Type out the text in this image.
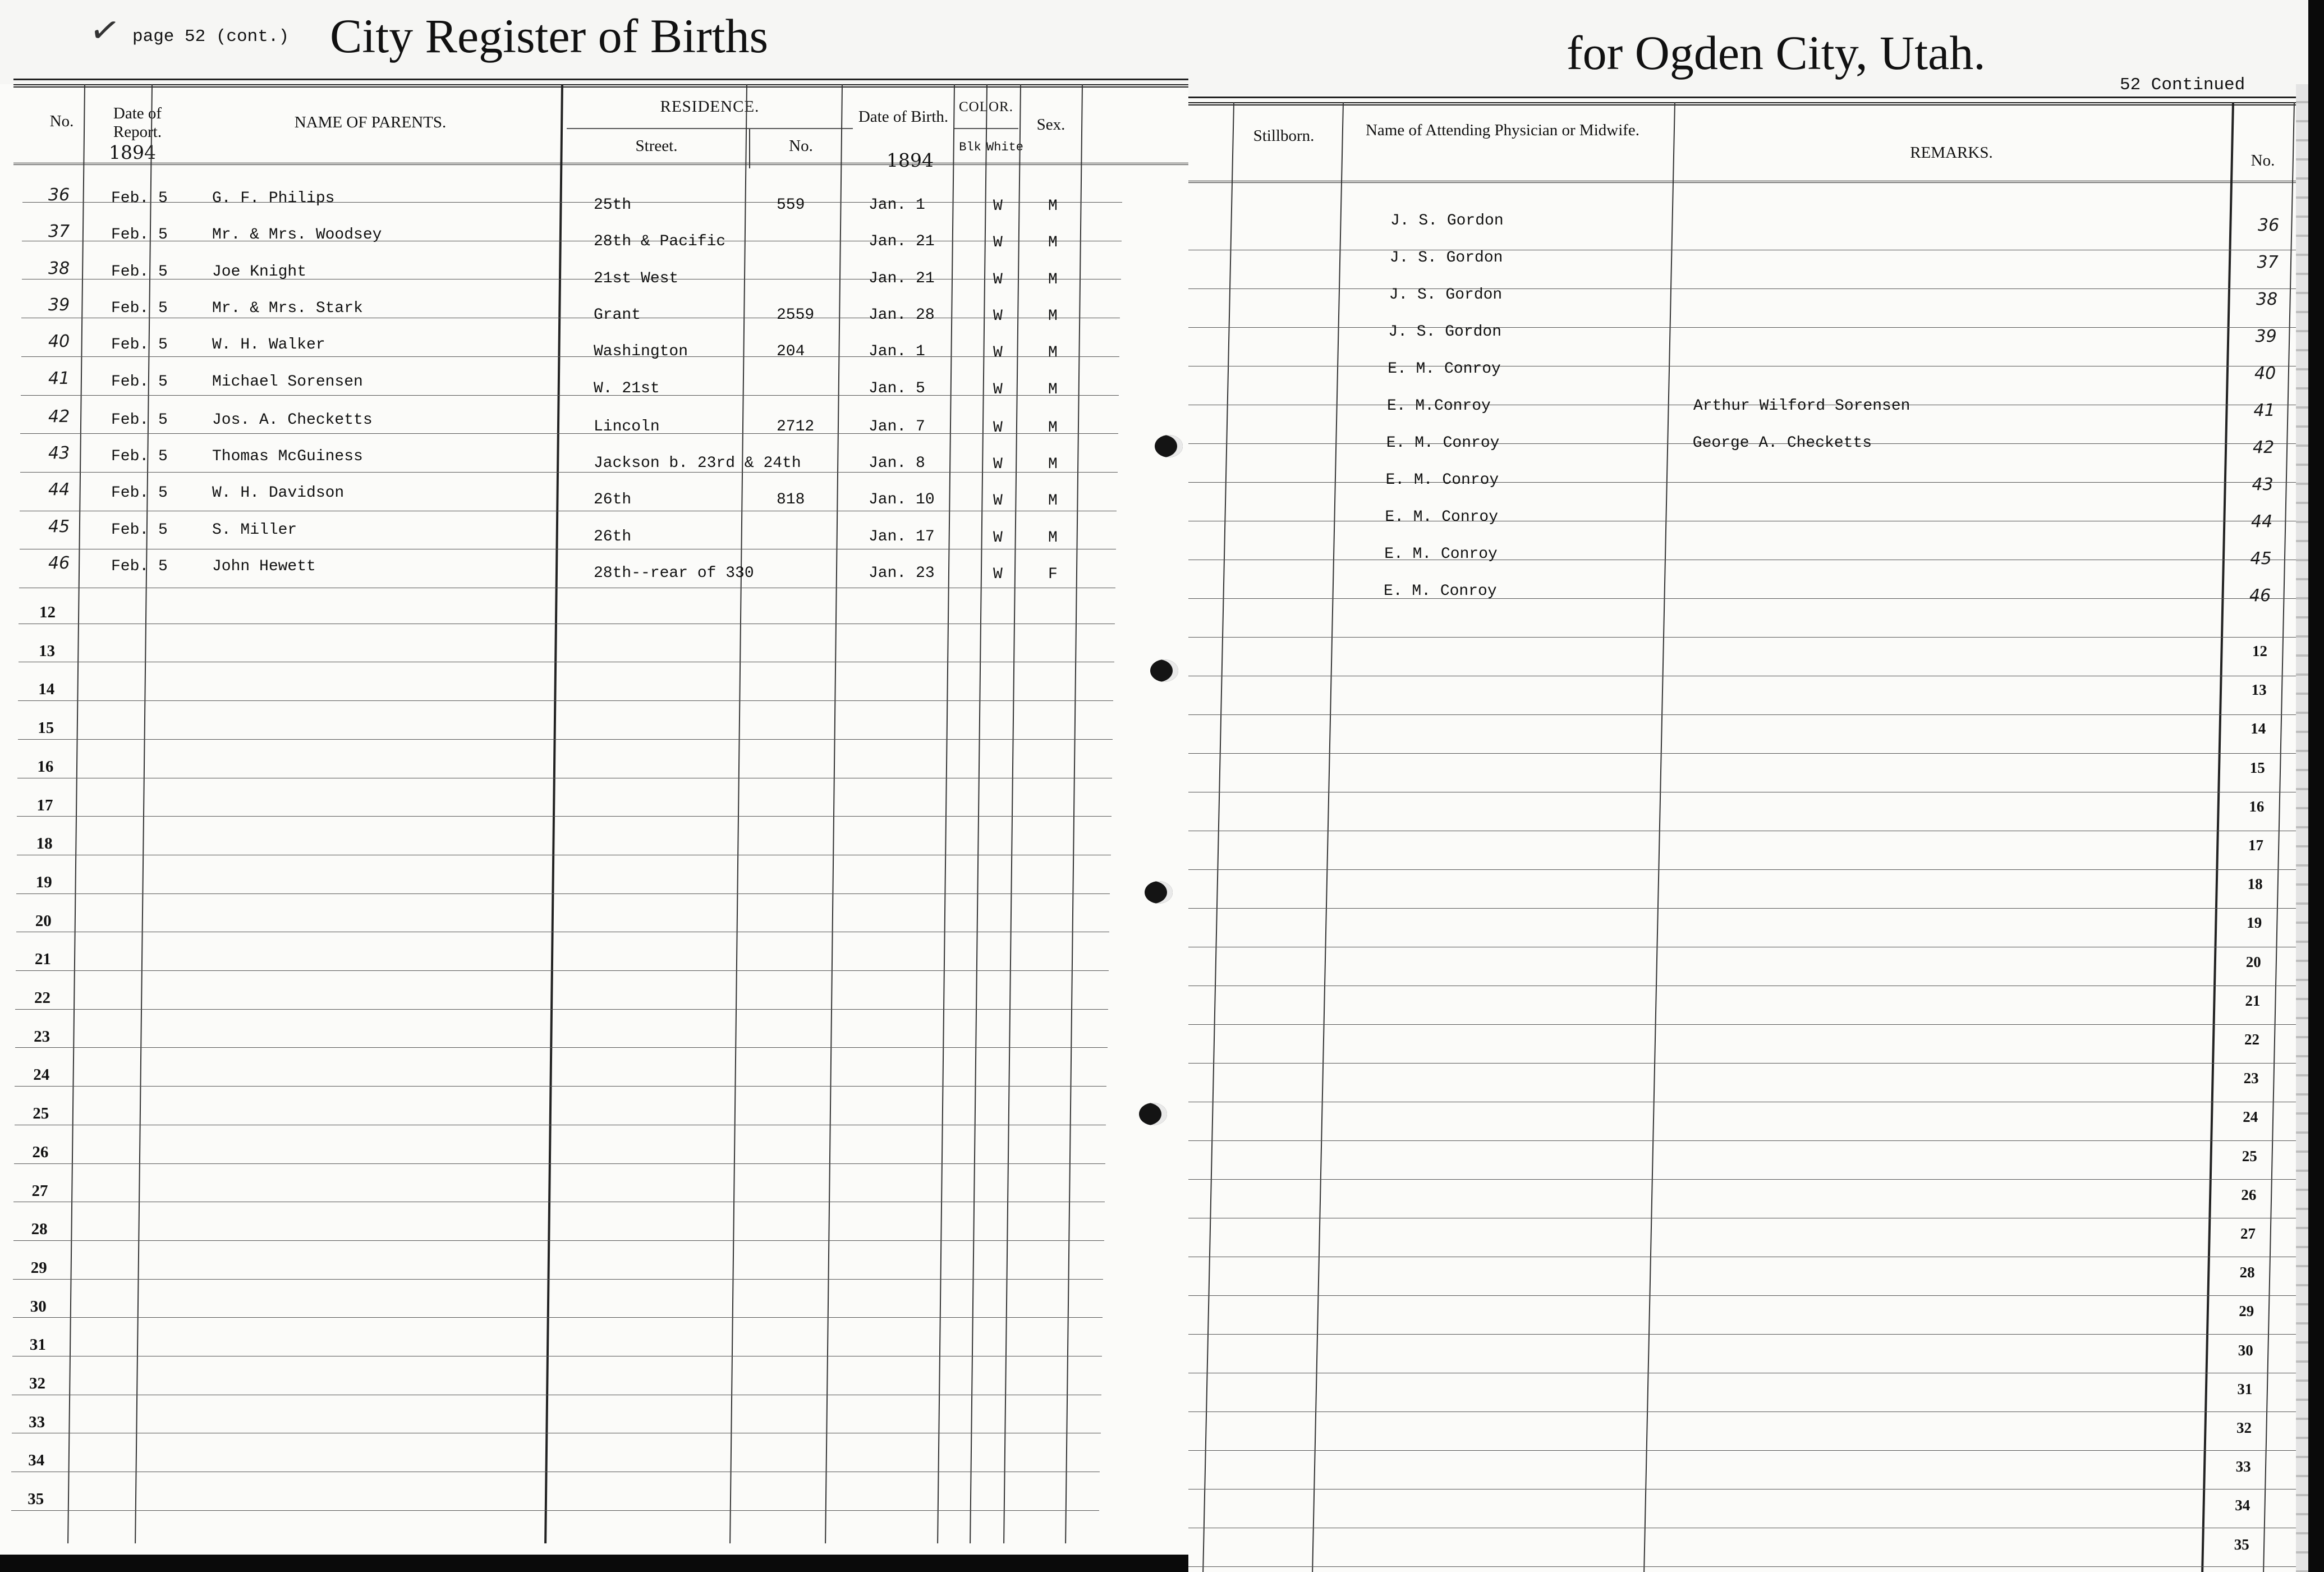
✓ page 52 (cont.) City Register of Births
No.	Date of Report.
1894
NAME OF PARENTS.
RESIDENCE.
Street.	No.
Date of Birth.
1894
COLOR.
Blk White
Sex.
36	Feb. 5	G. F. Philips	25th	559	Jan. 1	W	M
37	Feb. 5	Mr. & Mrs. Woodsey	28th & Pacific	Jan. 21	W	M
38	Feb. 5	Joe Knight	21st West	Jan. 21	W	M
39	Feb. 5	Mr. & Mrs. Stark	Grant	2559	Jan. 28	W	M
40	Feb. 5	W. H. Walker	Washington	204	Jan. 1	W	M
41	Feb. 5	Michael Sorensen	W. 21st	Jan. 5	W	M
42	Feb. 5	Jos. A. Checketts	Lincoln	2712	Jan. 7	W	M
43	Feb. 5	Thomas McGuiness	Jackson b. 23rd & 24th	Jan. 8	W	M
44	Feb. 5	W. H. Davidson	26th	818	Jan. 10	W	M
45	Feb. 5	S. Miller	26th	Jan. 17	W	M
46	Feb. 5	John Hewett	28th--rear of 330	Jan. 23	W	F
12
13
14
15
16
17
18
19
20
21
22
23
24
25
26
27
28
29
30
31
32
33
34
35
for Ogden City, Utah.
52 Continued
Stillborn.	Name of Attending Physician or Midwife.
REMARKS.	No.
J. S. Gordon	36
J. S. Gordon	37
J. S. Gordon	38
J. S. Gordon	39
E. M. Conroy	40
E. M.Conroy	Arthur Wilford Sorensen	41
E. M. Conroy	George A. Checketts	42
E. M. Conroy	43
E. M. Conroy	44
E. M. Conroy	45
E. M. Conroy	46
12
13
14
15
16
17
18
19
20
21
22
23
24
25
26
27
28
29
30
31
32
33
34
35
